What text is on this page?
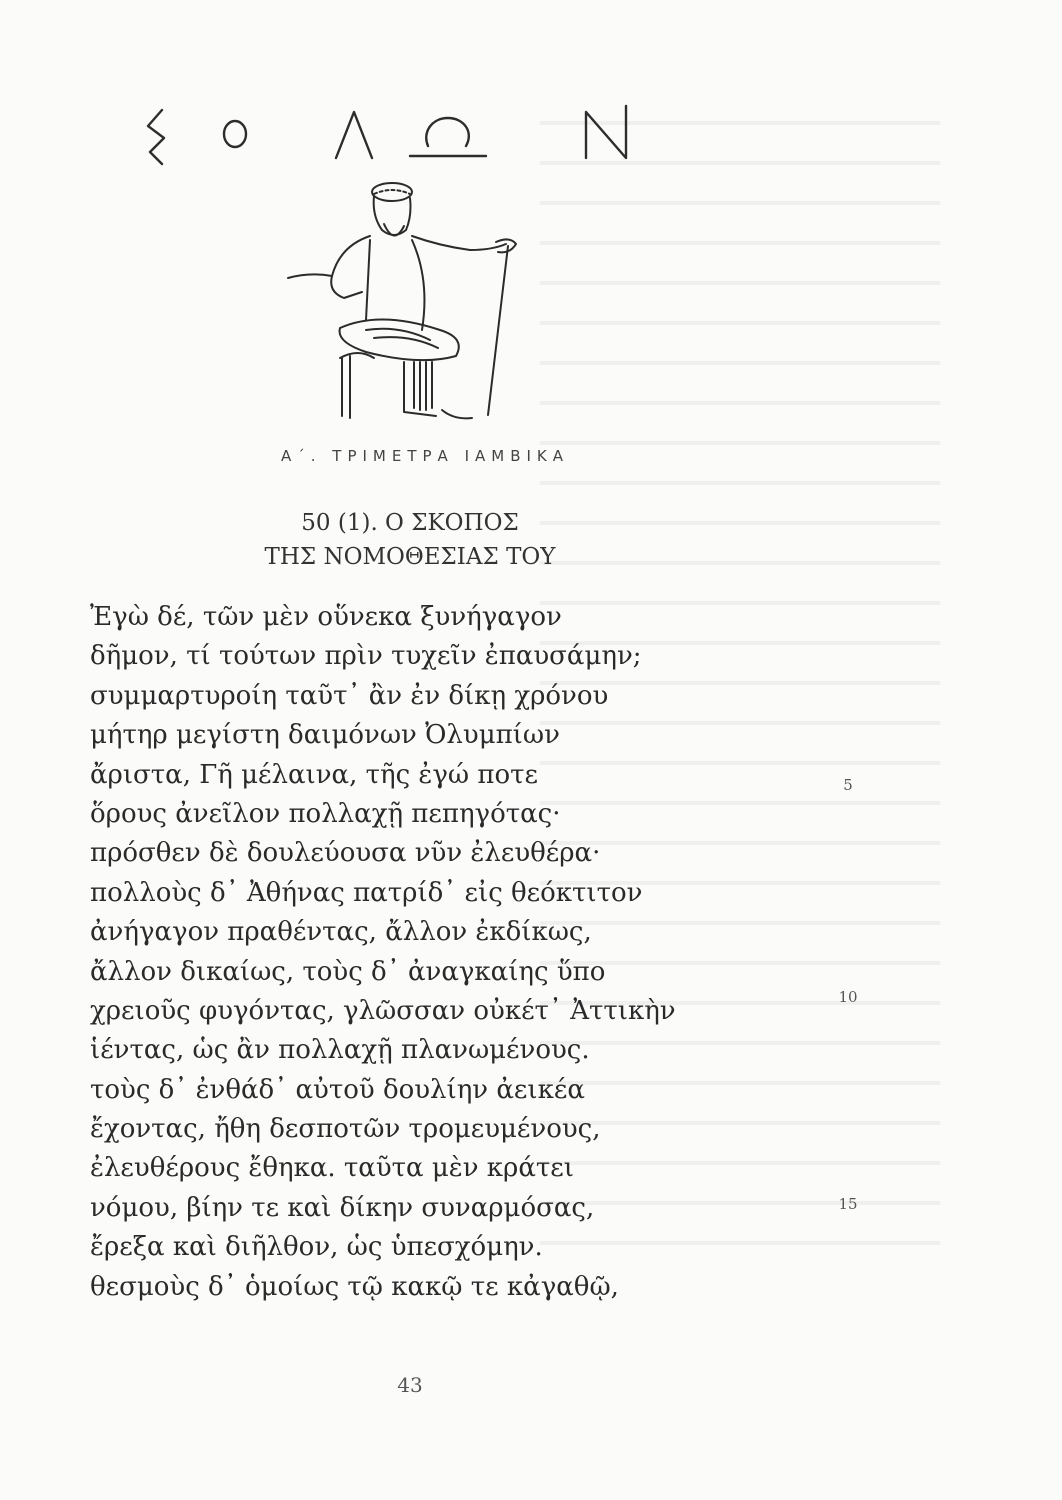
Α΄. ΤΡΙΜΕΤΡΑ ΙΑΜΒΙΚΑ
50 (1). Ο ΣΚΟΠΟΣ
ΤΗΣ ΝΟΜΟΘΕΣΙΑΣ ΤΟΥ
Ἐγὼ δέ, τῶν μὲν οὕνεκα ξυνήγαγον
δῆμον, τί τούτων πρὶν τυχεῖν ἐπαυσάμην;
συμμαρτυροίη ταῦτ᾽ ἂν ἐν δίκῃ χρόνου
μήτηρ μεγίστη δαιμόνων Ὀλυμπίων
ἄριστα, Γῆ μέλαινα, τῆς ἐγώ ποτε
ὅρους ἀνεῖλον πολλαχῇ πεπηγότας·
πρόσθεν δὲ δουλεύουσα νῦν ἐλευθέρα·
πολλοὺς δ᾽ Ἀθήνας πατρίδ᾽ εἰς θεόκτιτον
ἀνήγαγον πραθέντας, ἄλλον ἐκδίκως,
ἄλλον δικαίως, τοὺς δ᾽ ἀναγκαίης ὕπο
χρειοῦς φυγόντας, γλῶσσαν οὐκέτ᾽ Ἀττικὴν
ἱέντας, ὡς ἂν πολλαχῇ πλανωμένους.
τοὺς δ᾽ ἐνθάδ᾽ αὐτοῦ δουλίην ἀεικέα
ἔχοντας, ἤθη δεσποτῶν τρομευμένους,
ἐλευθέρους ἔθηκα. ταῦτα μὲν κράτει
νόμου, βίην τε καὶ δίκην συναρμόσας,
ἔρεξα καὶ διῆλθον, ὡς ὑπεσχόμην.
θεσμοὺς δ᾽ ὁμοίως τῷ κακῷ τε κἀγαθῷ,
5
10
15
43
